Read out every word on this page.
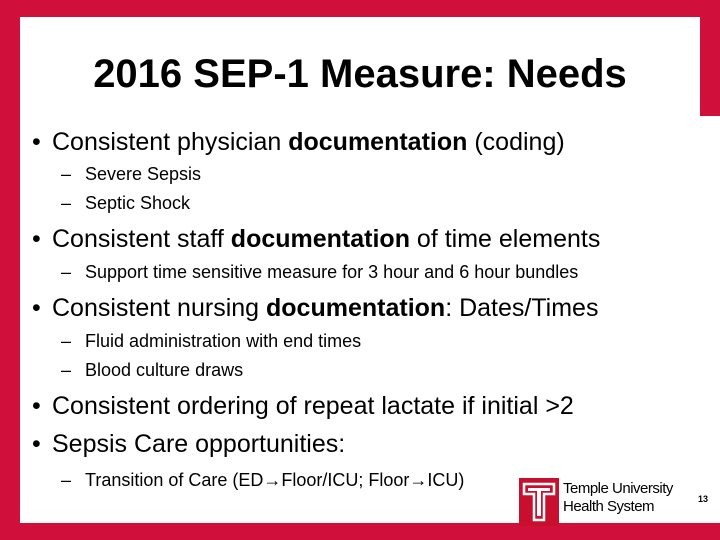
2016 SEP-1 Measure: Needs
• Consistent physician documentation (coding)
– Severe Sepsis
– Septic Shock
• Consistent staff documentation of time elements
– Support time sensitive measure for 3 hour and 6 hour bundles
• Consistent nursing documentation: Dates/Times
– Fluid administration with end times
– Blood culture draws
• Consistent ordering of repeat lactate if initial >2
• Sepsis Care opportunities:
– Transition of Care (ED→Floor/ICU; Floor→ICU)	Temple University
Health System	13
